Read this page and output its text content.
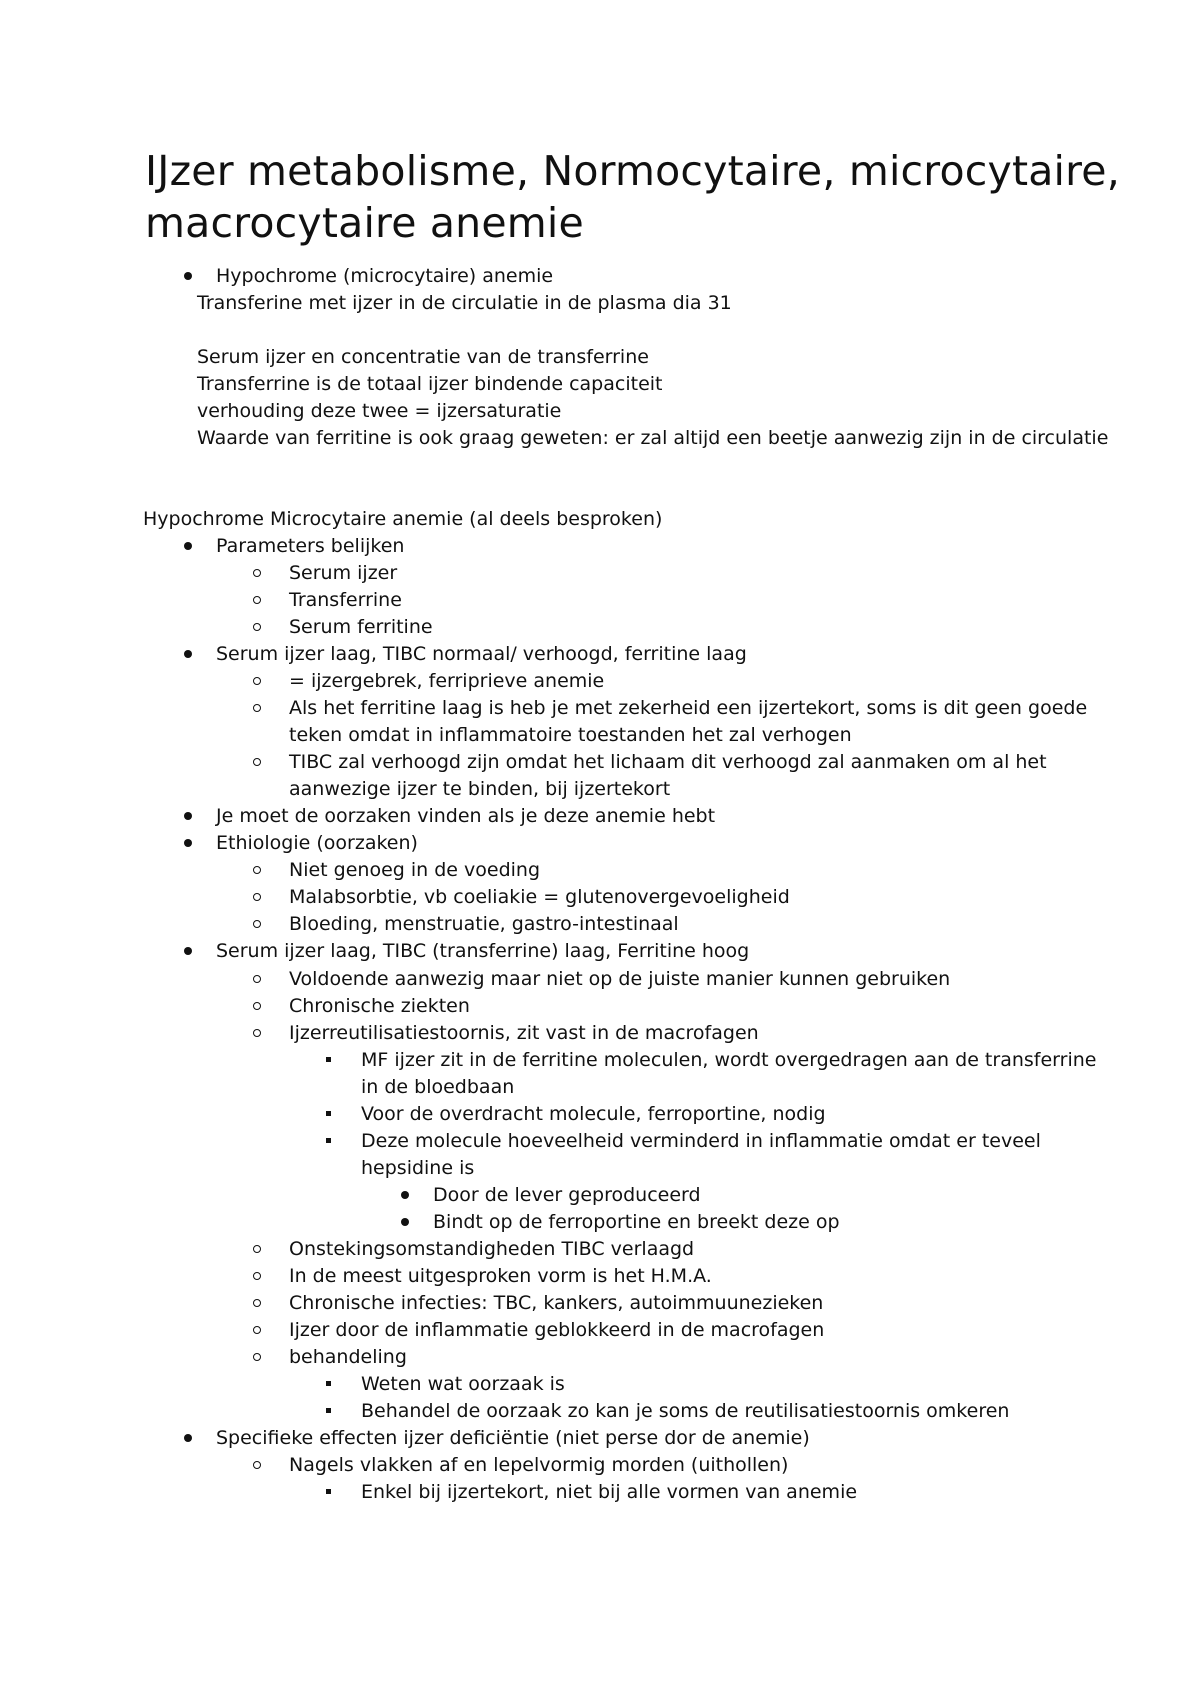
IJzer metabolisme, Normocytaire, microcytaire, macrocytaire anemie
Hypochrome (microcytaire) anemie
Transferine met ijzer in de circulatie in de plasma dia 31
Serum ijzer en concentratie van de transferrine
Transferrine is de totaal ijzer bindende capaciteit
verhouding deze twee = ijzersaturatie
Waarde van ferritine is ook graag geweten: er zal altijd een beetje aanwezig zijn in de circulatie
Hypochrome Microcytaire anemie (al deels besproken)
Parameters belijken
Serum ijzer
Transferrine
Serum ferritine
Serum ijzer laag, TIBC normaal/ verhoogd, ferritine laag
= ijzergebrek, ferriprieve anemie
Als het ferritine laag is heb je met zekerheid een ijzertekort, soms is dit geen goede
teken omdat in inflammatoire toestanden het zal verhogen
TIBC zal verhoogd zijn omdat het lichaam dit verhoogd zal aanmaken om al het
aanwezige ijzer te binden, bij ijzertekort
Je moet de oorzaken vinden als je deze anemie hebt
Ethiologie (oorzaken)
Niet genoeg in de voeding
Malabsorbtie, vb coeliakie = glutenovergevoeligheid
Bloeding, menstruatie, gastro-intestinaal
Serum ijzer laag, TIBC (transferrine) laag, Ferritine hoog
Voldoende aanwezig maar niet op de juiste manier kunnen gebruiken
Chronische ziekten
Ijzerreutilisatiestoornis, zit vast in de macrofagen
MF ijzer zit in de ferritine moleculen, wordt overgedragen aan de transferrine
in de bloedbaan
Voor de overdracht molecule, ferroportine, nodig
Deze molecule hoeveelheid verminderd in inflammatie omdat er teveel
hepsidine is
Door de lever geproduceerd
Bindt op de ferroportine en breekt deze op
Onstekingsomstandigheden TIBC verlaagd
In de meest uitgesproken vorm is het H.M.A.
Chronische infecties: TBC, kankers, autoimmuunezieken
Ijzer door de inflammatie geblokkeerd in de macrofagen
behandeling
Weten wat oorzaak is
Behandel de oorzaak zo kan je soms de reutilisatiestoornis omkeren
Specifieke effecten ijzer deficiëntie (niet perse dor de anemie)
Nagels vlakken af en lepelvormig morden (uithollen)
Enkel bij ijzertekort, niet bij alle vormen van anemie
